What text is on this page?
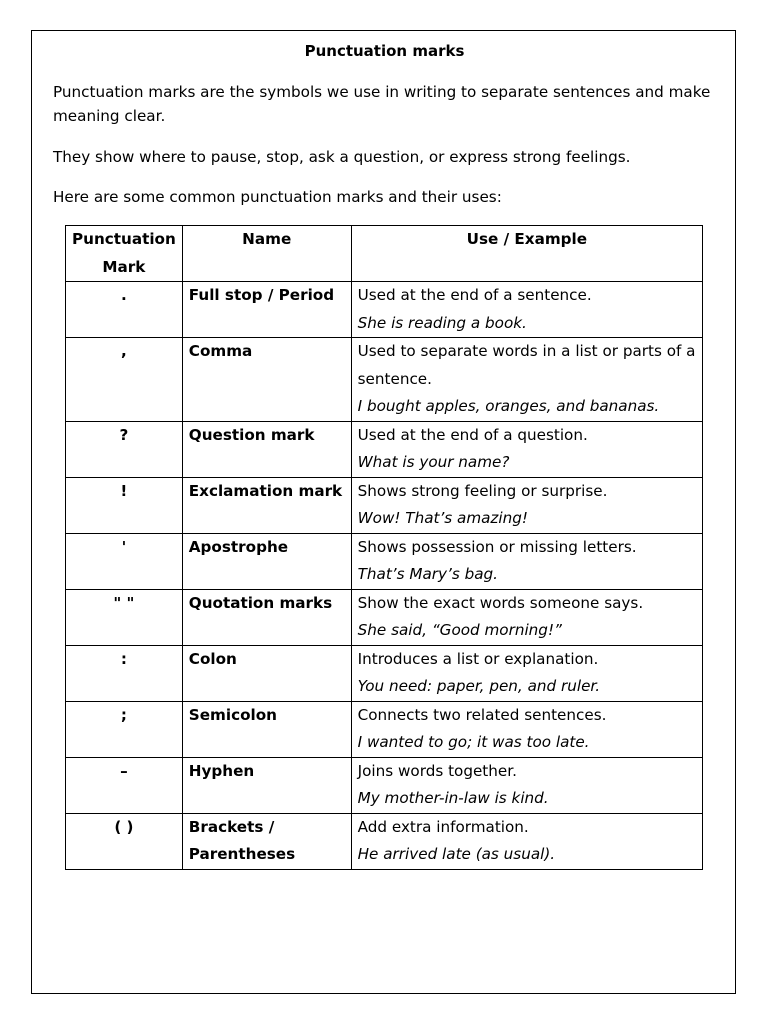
Punctuation marks

Punctuation marks are the symbols we use in writing to separate sentences and make meaning clear.

They show where to pause, stop, ask a question, or express strong feelings.

Here are some common punctuation marks and their uses:

Punctuation Mark	Name	Use / Example
.	Full stop / Period	Used at the end of a sentence.
She is reading a book.

,	Comma	Used to separate words in a list or parts of a sentence.
I bought apples, oranges, and bananas.

?	Question mark	Used at the end of a question.
What is your name?

!	Exclamation mark	Shows strong feeling or surprise.
Wow! That’s amazing!

'	Apostrophe	Shows possession or missing letters.
That’s Mary’s bag.

" "	Quotation marks	Show the exact words someone says.
She said, “Good morning!”

:	Colon	Introduces a list or explanation.
You need: paper, pen, and ruler.

;	Semicolon	Connects two related sentences.
I wanted to go; it was too late.

–	Hyphen	Joins words together.
My mother-in-law is kind.

( )	Brackets / Parentheses	Add extra information.
He arrived late (as usual).
